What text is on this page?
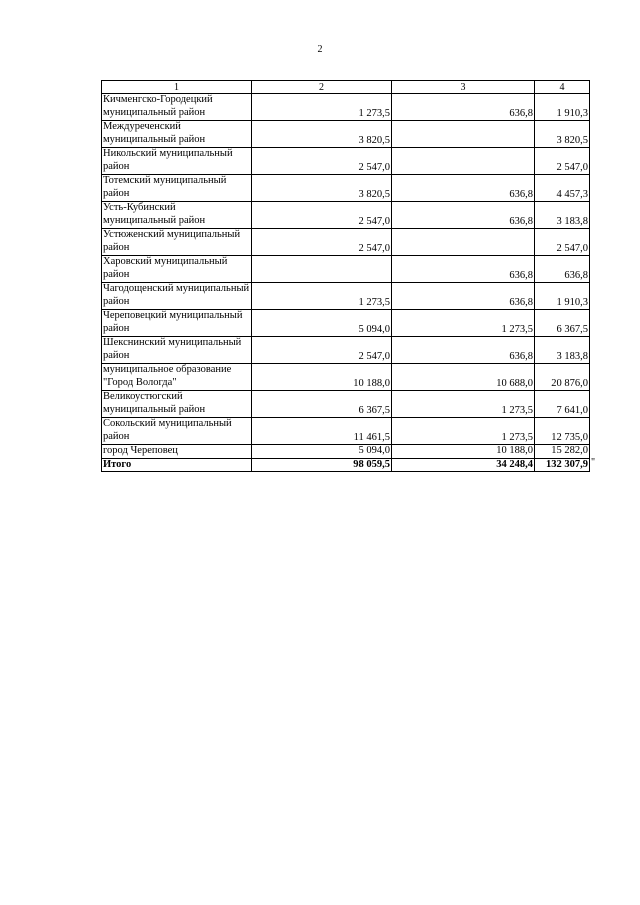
2
1	2	3	4
Кичменгско-Городецкий муниципальный район	1 273,5	636,8	1 910,3
Междуреченский муниципальный район	3 820,5		3 820,5
Никольский муниципальный район	2 547,0		2 547,0
Тотемский муниципальный район	3 820,5	636,8	4 457,3
Усть-Кубинский муниципальный район	2 547,0	636,8	3 183,8
Устюженский муниципальный район	2 547,0		2 547,0
Харовский муниципальный район		636,8	636,8
Чагодощенский муниципальный район	1 273,5	636,8	1 910,3
Череповецкий муниципальный район	5 094,0	1 273,5	6 367,5
Шекснинский муниципальный район	2 547,0	636,8	3 183,8
муниципальное образование "Город Вологда"	10 188,0	10 688,0	20 876,0
Великоустюгский муниципальный район	6 367,5	1 273,5	7 641,0
Сокольский муниципальный район	11 461,5	1 273,5	12 735,0
город Череповец	5 094,0	10 188,0	15 282,0
Итого	98 059,5	34 248,4	132 307,9 "
